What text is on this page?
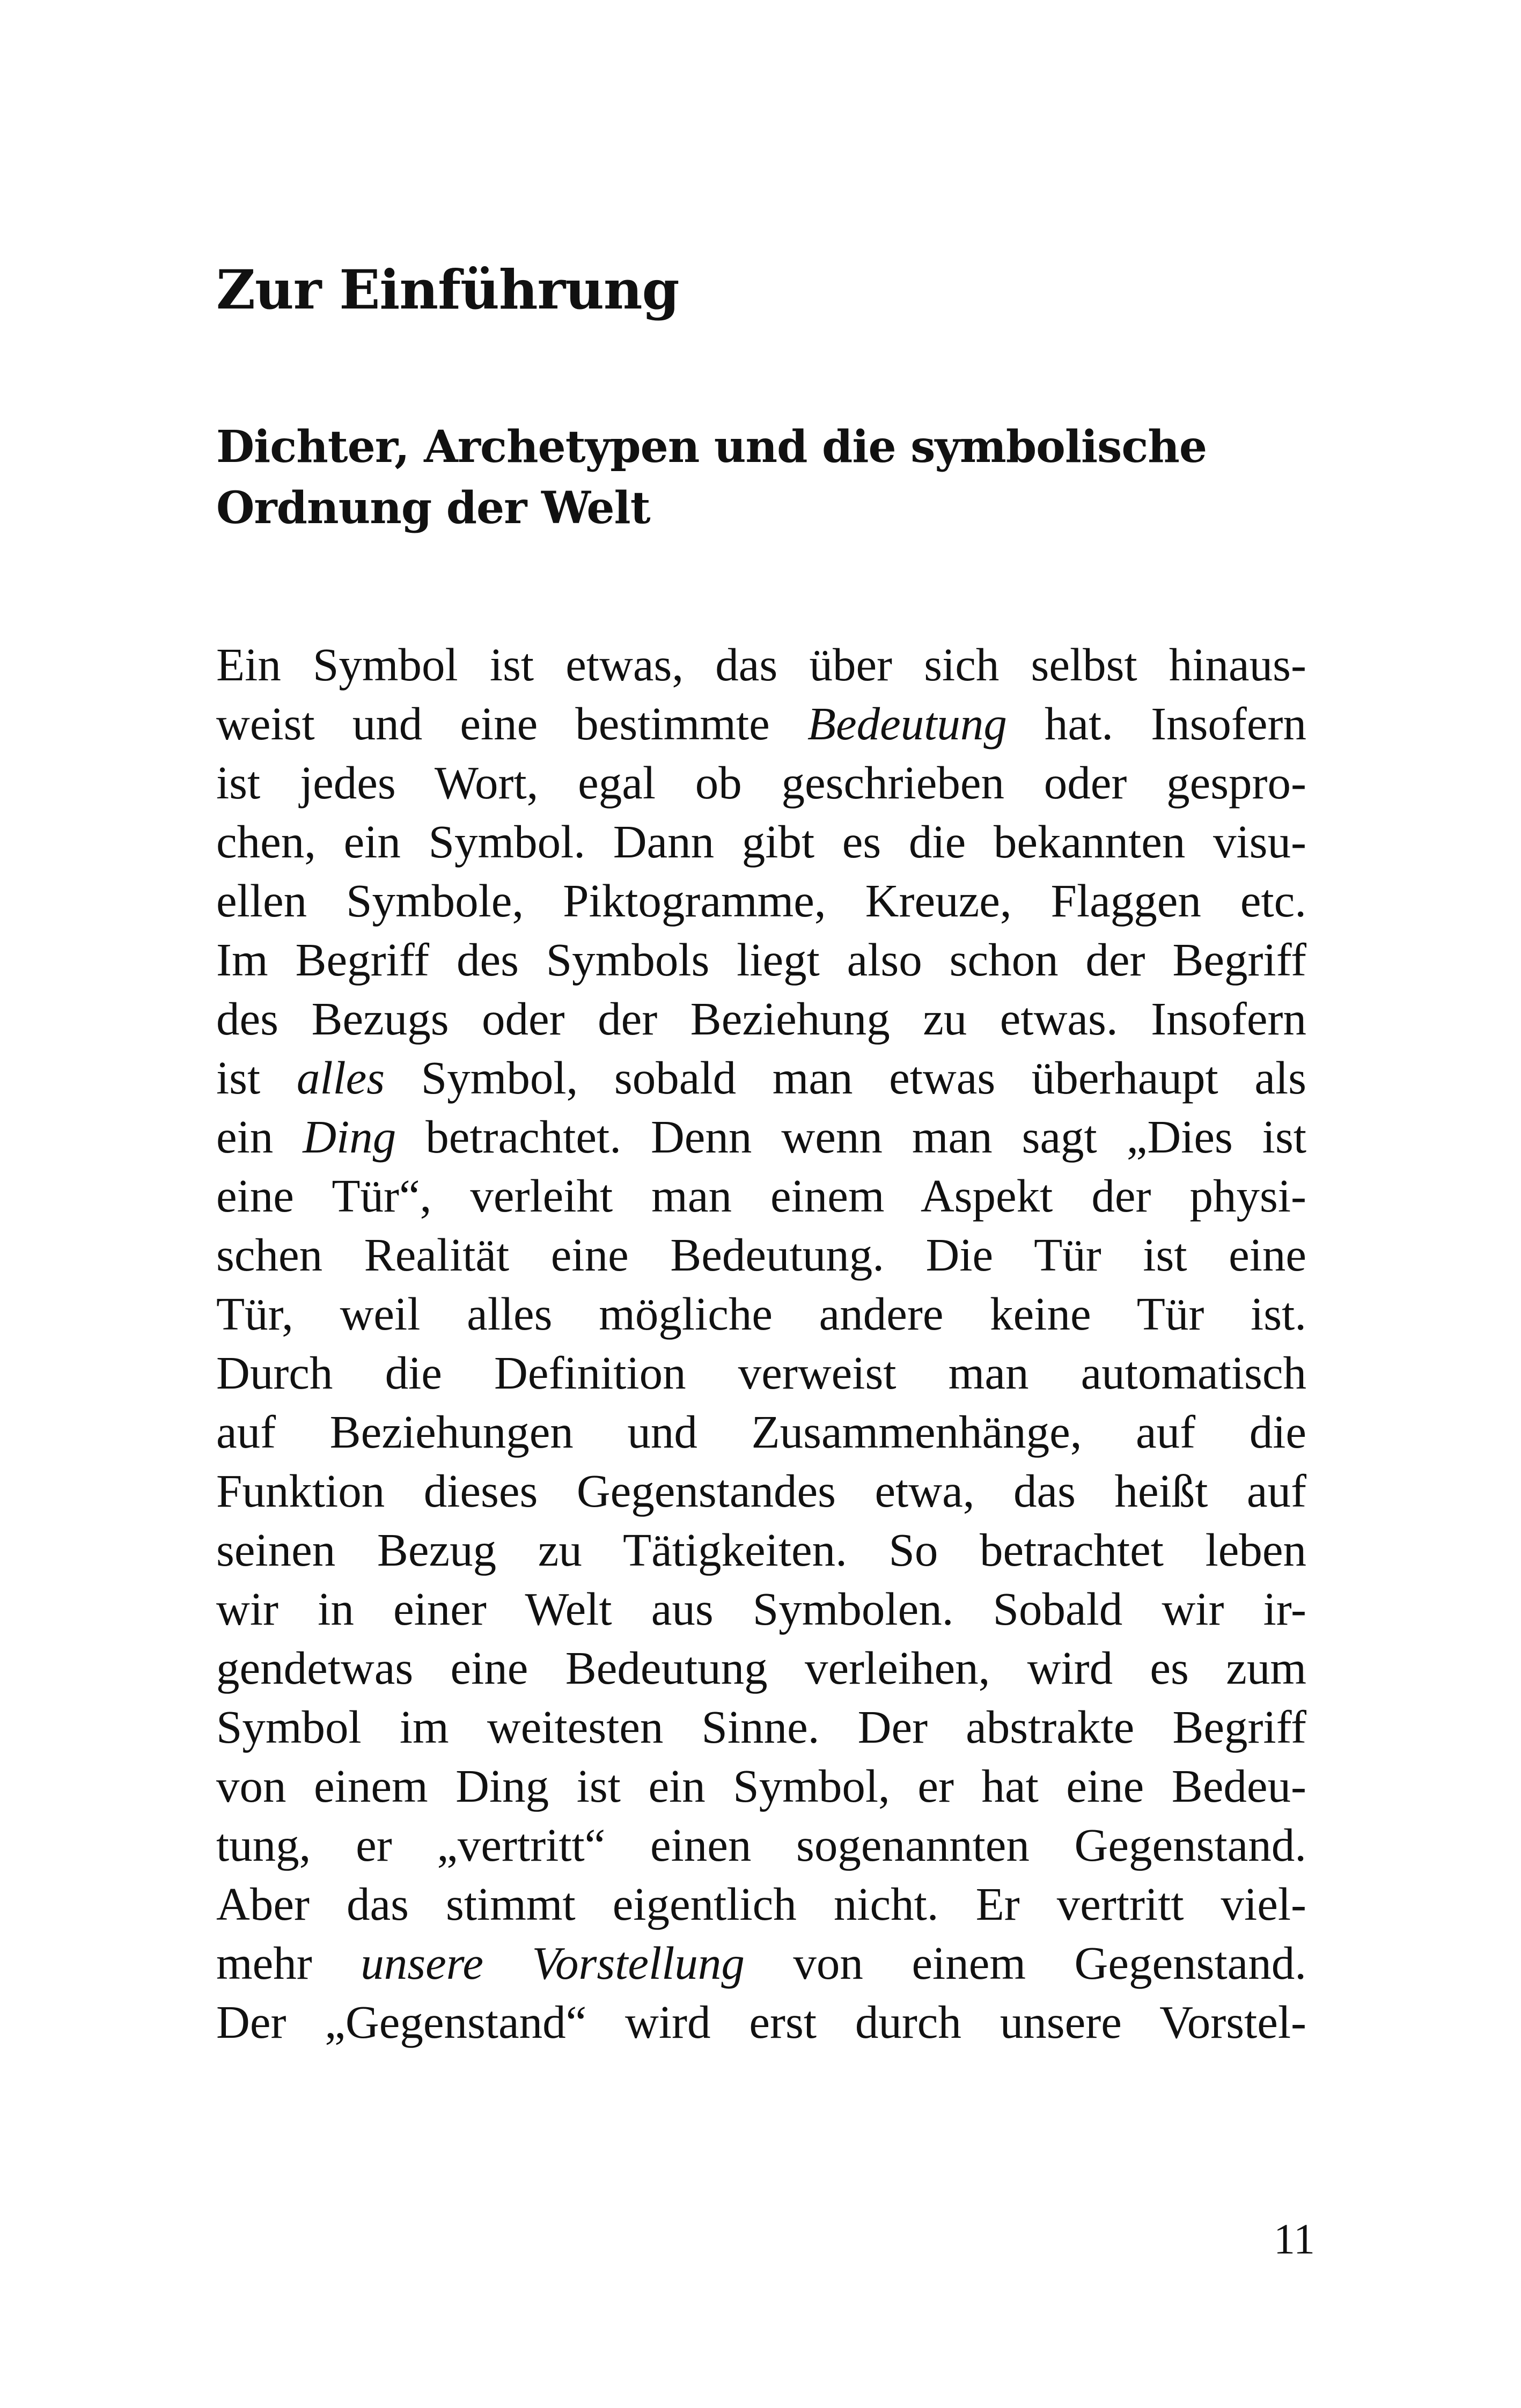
Zur Einführung
Dichter, Archetypen und die symbolische
Ordnung der Welt
Ein Symbol ist etwas, das über sich selbst hinaus-
weist und eine bestimmte Bedeutung hat. Insofern
ist jedes Wort, egal ob geschrieben oder gespro-
chen, ein Symbol. Dann gibt es die bekannten visu-
ellen Symbole, Piktogramme, Kreuze, Flaggen etc.
Im Begriff des Symbols liegt also schon der Begriff
des Bezugs oder der Beziehung zu etwas. Insofern
ist alles Symbol, sobald man etwas überhaupt als
ein Ding betrachtet. Denn wenn man sagt „Dies ist
eine Tür“, verleiht man einem Aspekt der physi-
schen Realität eine Bedeutung. Die Tür ist eine
Tür, weil alles mögliche andere keine Tür ist.
Durch die Definition verweist man automatisch
auf Beziehungen und Zusammenhänge, auf die
Funktion dieses Gegenstandes etwa, das heißt auf
seinen Bezug zu Tätigkeiten. So betrachtet leben
wir in einer Welt aus Symbolen. Sobald wir ir-
gendetwas eine Bedeutung verleihen, wird es zum
Symbol im weitesten Sinne. Der abstrakte Begriff
von einem Ding ist ein Symbol, er hat eine Bedeu-
tung, er „vertritt“ einen sogenannten Gegenstand.
Aber das stimmt eigentlich nicht. Er vertritt viel-
mehr unsere Vorstellung von einem Gegenstand.
Der „Gegenstand“ wird erst durch unsere Vorstel-
11
